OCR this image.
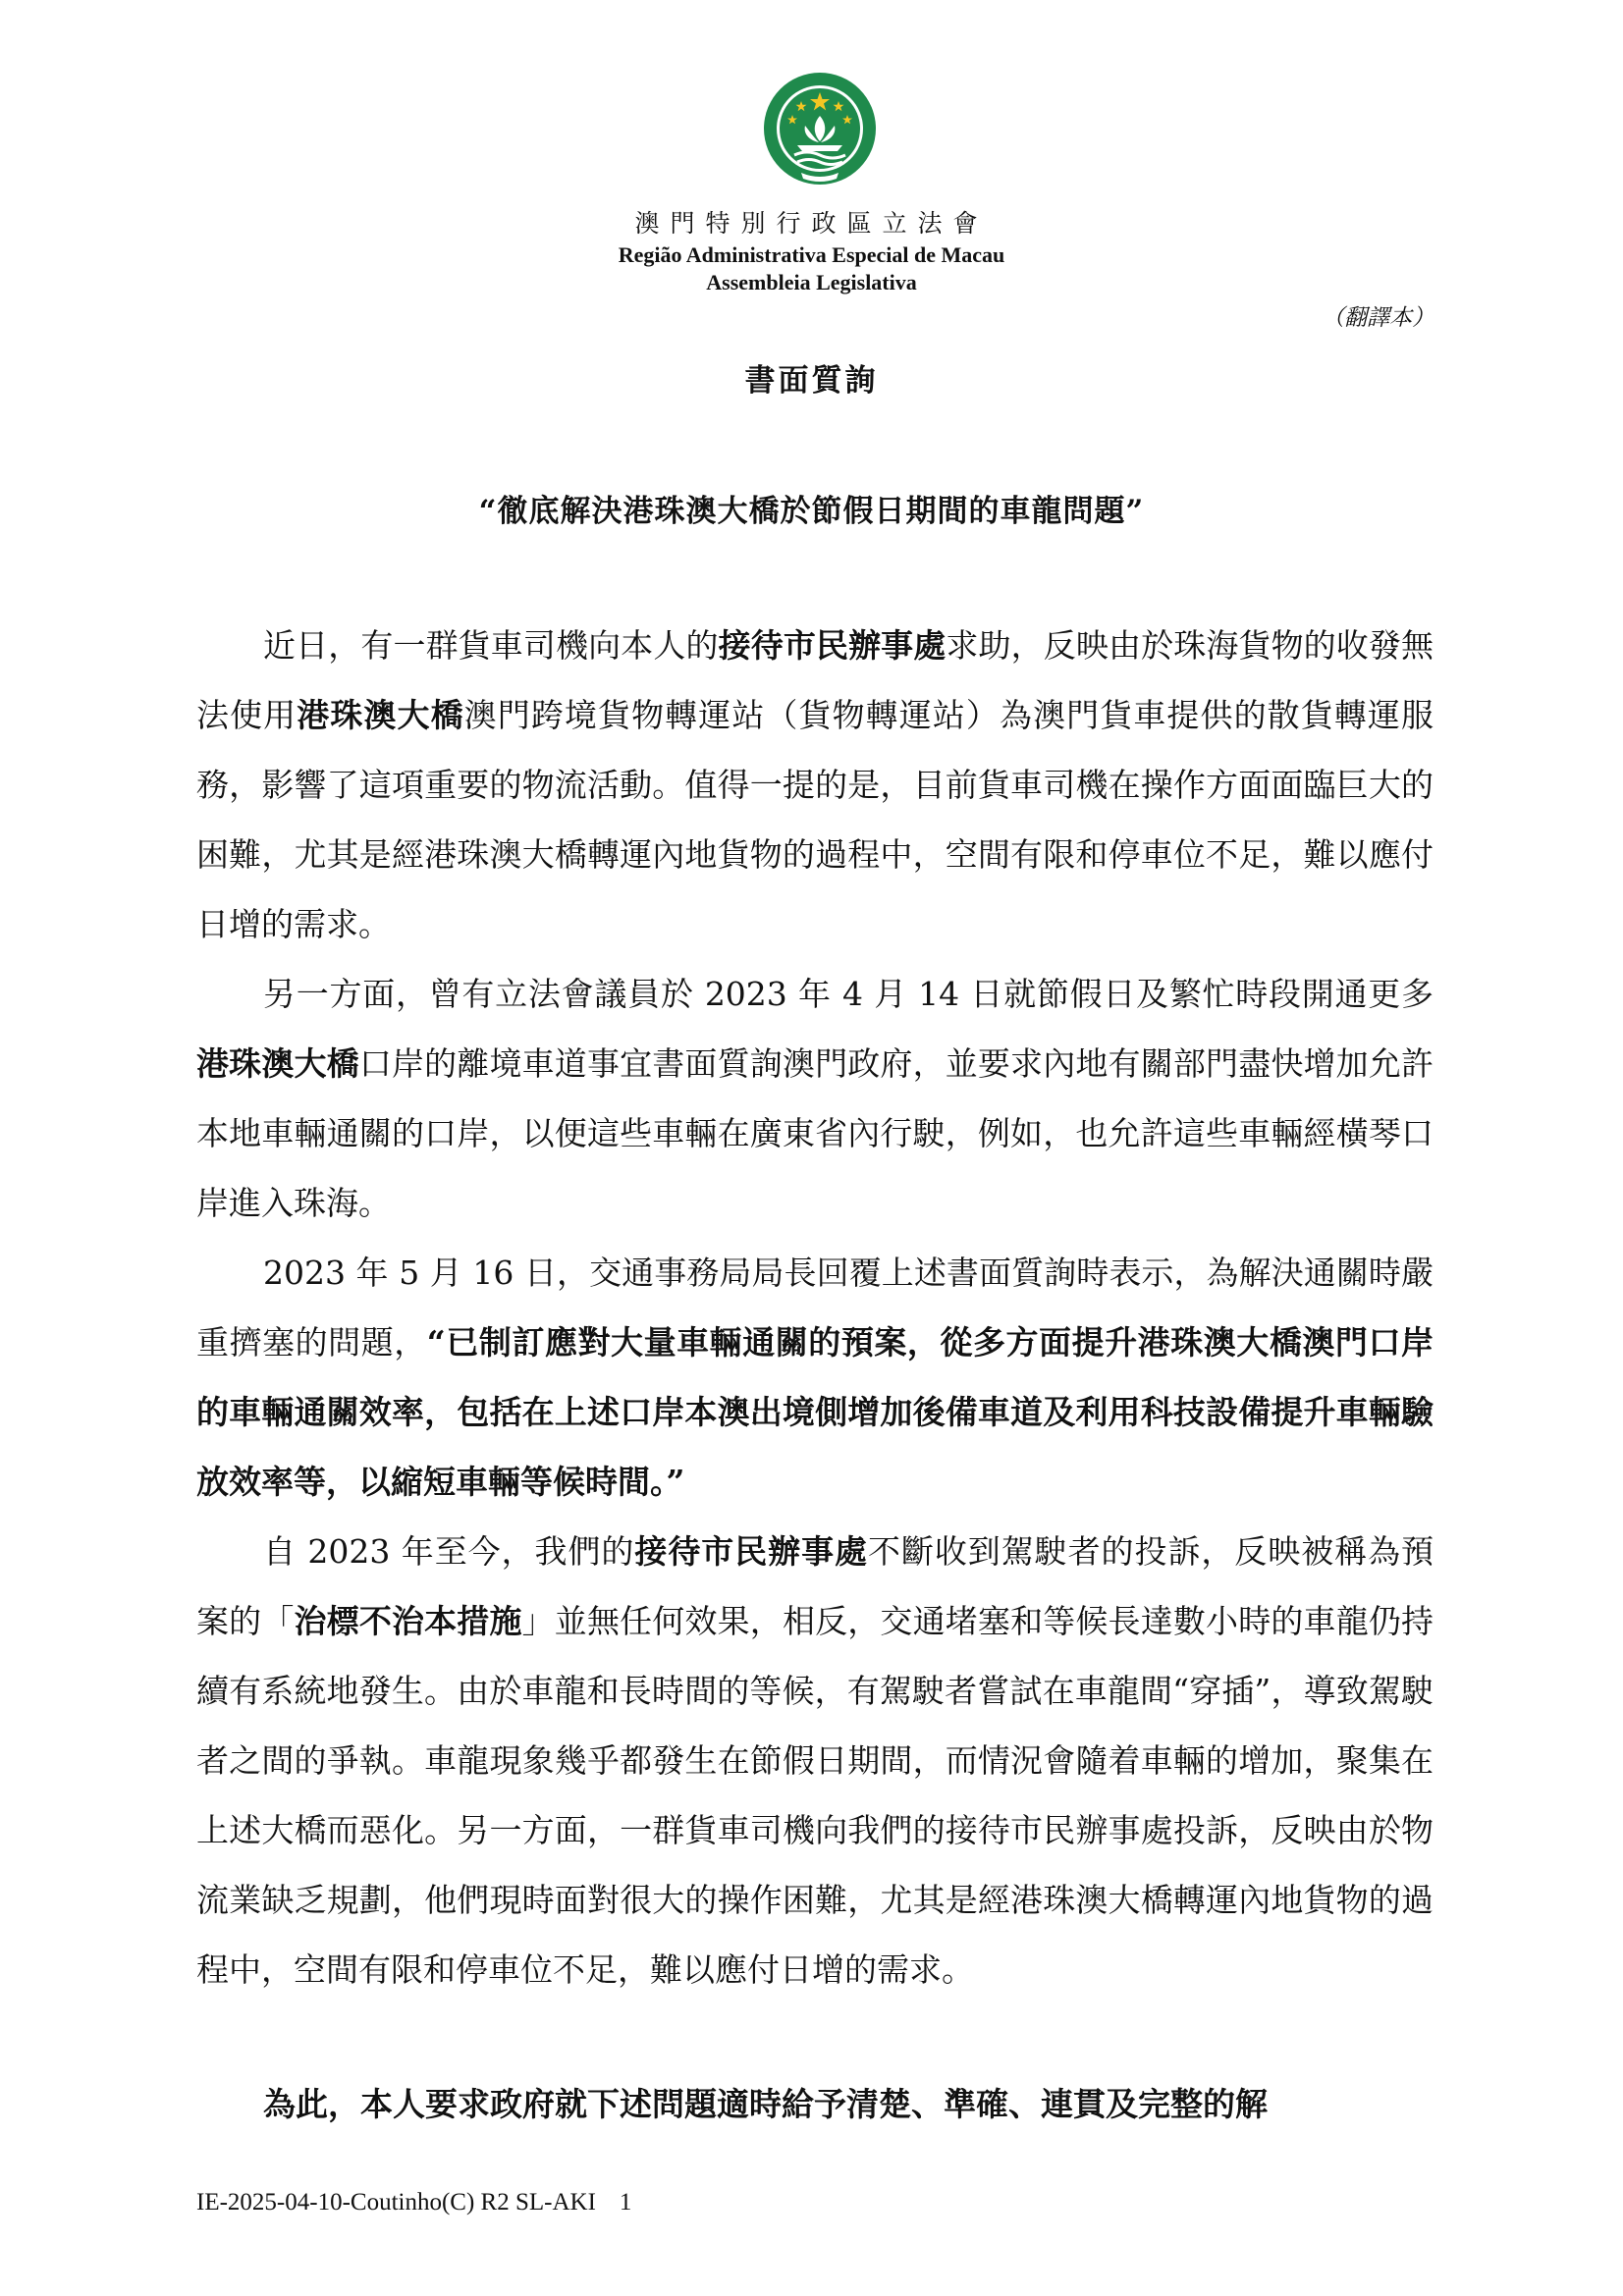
澳門特別行政區立法會
Região Administrativa Especial de Macau
Assembleia Legislativa
（翻譯本）
書面質詢
“徹底解決港珠澳大橋於節假日期間的車龍問題”

近日，有一群貨車司機向本人的接待市民辦事處求助，反映由於珠海貨物的收發無法使用港珠澳大橋澳門跨境貨物轉運站（貨物轉運站）為澳門貨車提供的散貨轉運服務，影響了這項重要的物流活動。值得一提的是，目前貨車司機在操作方面面臨巨大的困難，尤其是經港珠澳大橋轉運內地貨物的過程中，空間有限和停車位不足，難以應付日增的需求。

另一方面，曾有立法會議員於 2023 年 4 月 14 日就節假日及繁忙時段開通更多港珠澳大橋口岸的離境車道事宜書面質詢澳門政府，並要求內地有關部門盡快增加允許本地車輛通關的口岸，以便這些車輛在廣東省內行駛，例如，也允許這些車輛經橫琴口岸進入珠海。

2023 年 5 月 16 日，交通事務局局長回覆上述書面質詢時表示，為解決通關時嚴重擠塞的問題，“已制訂應對大量車輛通關的預案，從多方面提升港珠澳大橋澳門口岸的車輛通關效率，包括在上述口岸本澳出境側增加後備車道及利用科技設備提升車輛驗放效率等，以縮短車輛等候時間。”

自 2023 年至今，我們的接待市民辦事處不斷收到駕駛者的投訴，反映被稱為預案的「治標不治本措施」並無任何效果，相反，交通堵塞和等候長達數小時的車龍仍持續有系統地發生。由於車龍和長時間的等候，有駕駛者嘗試在車龍間“穿插”，導致駕駛者之間的爭執。車龍現象幾乎都發生在節假日期間，而情況會隨着車輛的增加，聚集在上述大橋而惡化。另一方面，一群貨車司機向我們的接待市民辦事處投訴，反映由於物流業缺乏規劃，他們現時面對很大的操作困難，尤其是經港珠澳大橋轉運內地貨物的過程中，空間有限和停車位不足，難以應付日增的需求。

為此，本人要求政府就下述問題適時給予清楚、準確、連貫及完整的解
IE-2025-04-10-Coutinho(C) R2 SL-AKI 1
